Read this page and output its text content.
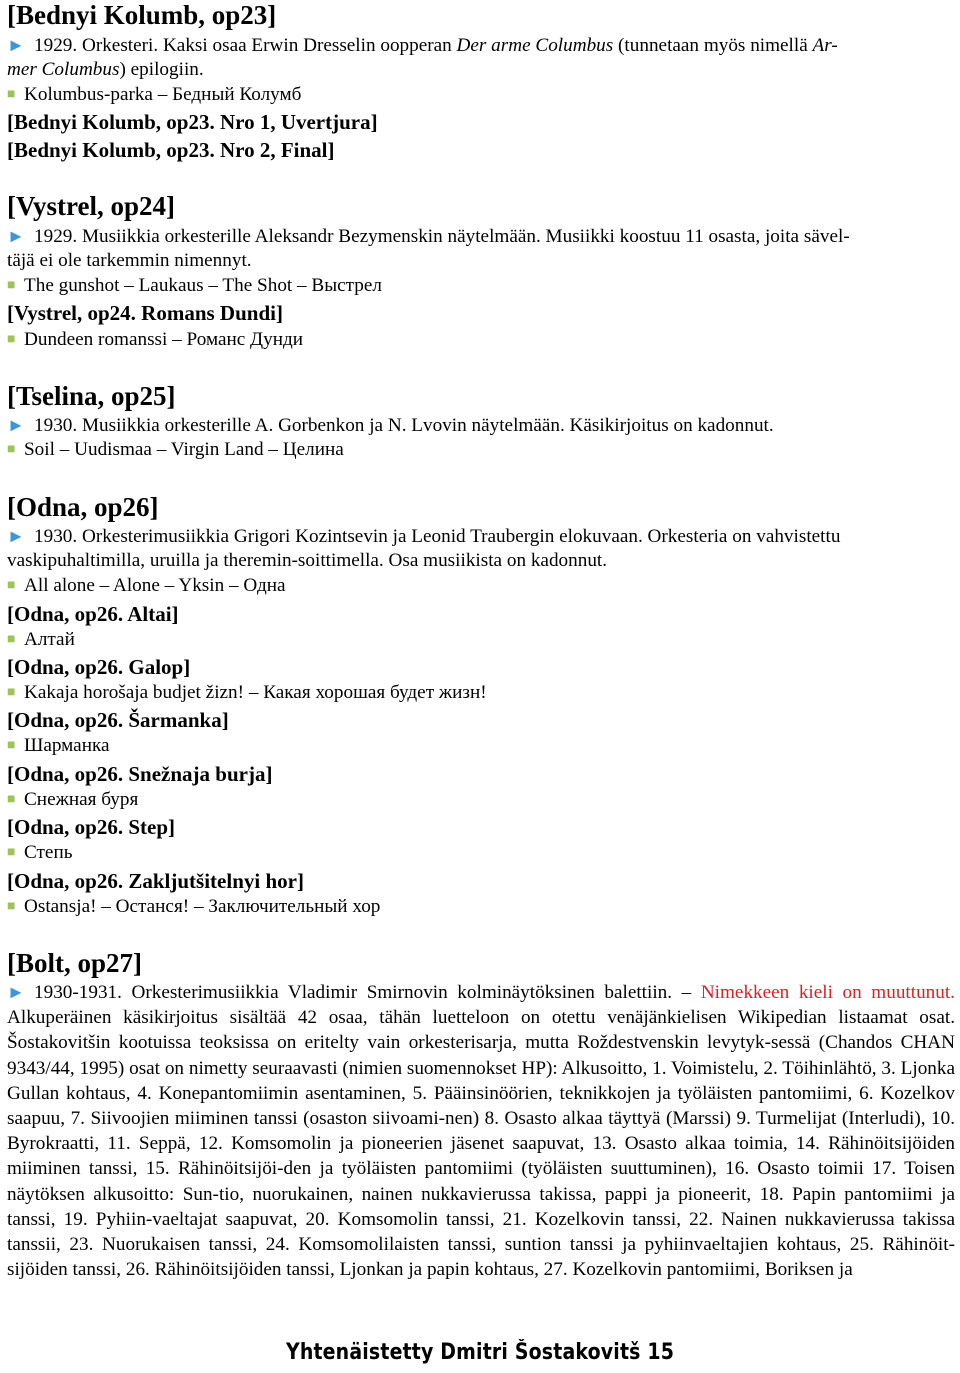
[Bednyi Kolumb, op23]
► 1929. Orkesteri. Kaksi osaa Erwin Dresselin oopperan Der arme Columbus (tunnetaan myös nimellä Ar-
mer Columbus) epilogiin.
■ Kolumbus-parka – Бедный Колумб
[Bednyi Kolumb, op23. Nro 1, Uvertjura]
[Bednyi Kolumb, op23. Nro 2, Final]
[Vystrel, op24]
► 1929. Musiikkia orkesterille Aleksandr Bezymenskin näytelmään. Musiikki koostuu 11 osasta, joita sävel-
täjä ei ole tarkemmin nimennyt.
■ The gunshot – Laukaus – The Shot – Выстрел
[Vystrel, op24. Romans Dundi]
■ Dundeen romanssi – Романс Дунди
[Tselina, op25]
► 1930. Musiikkia orkesterille A. Gorbenkon ja N. Lvovin näytelmään. Käsikirjoitus on kadonnut.
■ Soil – Uudismaa – Virgin Land – Целина
[Odna, op26]
► 1930. Orkesterimusiikkia Grigori Kozintsevin ja Leonid Traubergin elokuvaan. Orkesteria on vahvistettu
vaskipuhaltimilla, uruilla ja theremin-soittimella. Osa musiikista on kadonnut.
■ All alone – Alone – Yksin – Одна
[Odna, op26. Altai]
■ Алтай
[Odna, op26. Galop]
■ Kakaja horošaja budjet žizn! – Какая хорошая будет жизн!
[Odna, op26. Šarmanka]
■ Шарманка
[Odna, op26. Snežnaja burja]
■ Снежная буря
[Odna, op26. Step]
■ Степь
[Odna, op26. Zakljutšitelnyi hor]
■ Ostansja! – Останся! – Заключительный хор
[Bolt, op27]
► 1930-1931. Orkesterimusiikkia Vladimir Smirnovin kolminäytöksinen balettiin. – Nimekkeen kieli on muuttunut. Alkuperäinen käsikirjoitus sisältää 42 osaa, tähän luetteloon on otettu venäjänkielisen Wikipedian listaamat osat. Šostakovitšin kootuissa teoksissa on eritelty vain orkesterisarja, mutta Roždestvenskin levytyk-sessä (Chandos CHAN 9343/44, 1995) osat on nimetty seuraavasti (nimien suomennokset HP): Alkusoitto, 1. Voimistelu, 2. Töihinlähtö, 3. Ljonka Gullan kohtaus, 4. Konepantomiimin asentaminen, 5. Pääinsinöörien, teknikkojen ja työläisten pantomiimi, 6. Kozelkov saapuu, 7. Siivoojien miiminen tanssi (osaston siivoami-nen) 8. Osasto alkaa täyttyä (Marssi) 9. Turmelijat (Interludi), 10. Byrokraatti, 11. Seppä, 12. Komsomolin ja pioneerien jäsenet saapuvat, 13. Osasto alkaa toimia, 14. Rähinöitsijöiden miiminen tanssi, 15. Rähinöitsijöi-den ja työläisten pantomiimi (työläisten suuttuminen), 16. Osasto toimii 17. Toisen näytöksen alkusoitto: Sun-tio, nuorukainen, nainen nukkavierussa takissa, pappi ja pioneerit, 18. Papin pantomiimi ja tanssi, 19. Pyhiin-vaeltajat saapuvat, 20. Komsomolin tanssi, 21. Kozelkovin tanssi, 22. Nainen nukkavierussa takissa tanssii, 23. Nuorukaisen tanssi, 24. Komsomolilaisten tanssi, suntion tanssi ja pyhiinvaeltajien kohtaus, 25. Rähinöit-sijöiden tanssi, 26. Rähinöitsijöiden tanssi, Ljonkan ja papin kohtaus, 27. Kozelkovin pantomiimi, Boriksen ja
Yhtenäistetty Dmitri Šostakovitš 15
